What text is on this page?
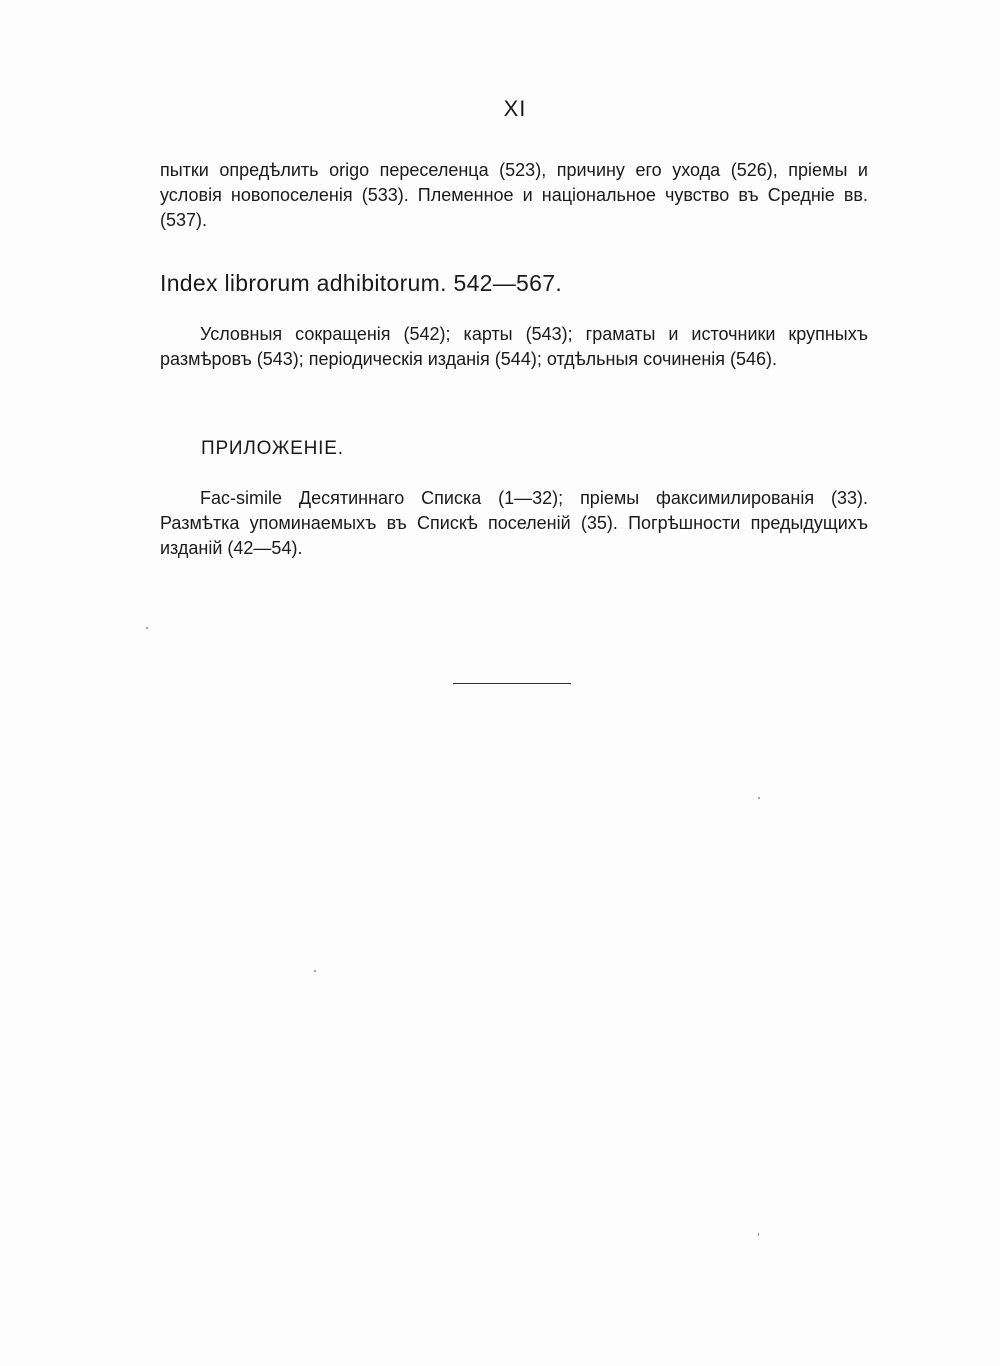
XI

пытки опредѣлить origo переселенца (523), причину его ухода (526), пріемы и условія новопоселенія (533). Племенное и національное чувство въ Средніе вв. (537).

Index librorum adhibitorum. 542—567.

Условныя сокращенія (542); карты (543); граматы и источники крупныхъ размѣровъ (543); періодическія изданія (544); отдѣльныя сочиненія (546).

ПРИЛОЖЕНІЕ.

Fac-simile Десятиннаго Списка (1—32); пріемы факсимилированія (33). Размѣтка упоминаемыхъ въ Спискѣ поселеній (35). Погрѣшности предыдущихъ изданій (42—54).
